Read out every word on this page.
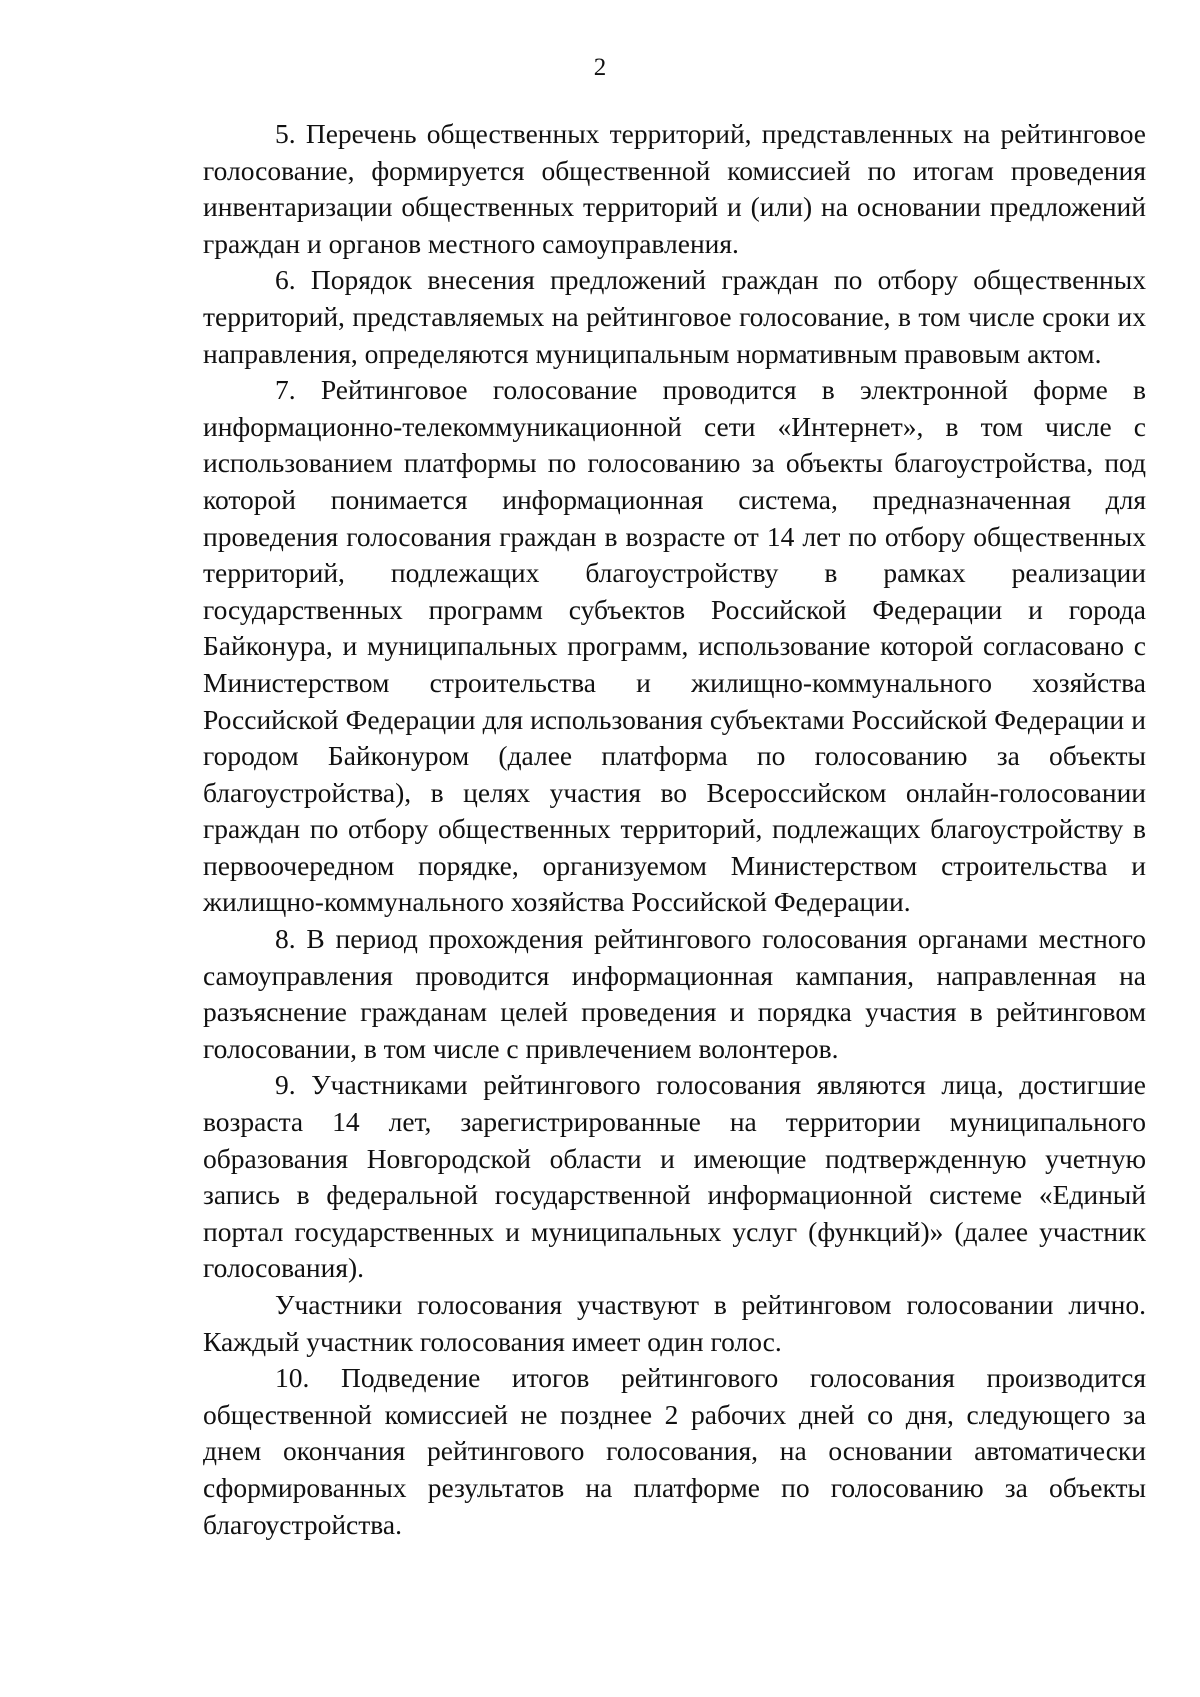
2

5. Перечень общественных территорий, представленных на рейтинговое голосование, формируется общественной комиссией по итогам проведения инвентаризации общественных территорий и (или) на основании предложений граждан и органов местного самоуправления.

6. Порядок внесения предложений граждан по отбору общественных территорий, представляемых на рейтинговое голосование, в том числе сроки их направления, определяются муниципальным нормативным правовым актом.

7. Рейтинговое голосование проводится в электронной форме в информационно-телекоммуникационной сети «Интернет», в том числе с использованием платформы по голосованию за объекты благоустройства, под которой понимается информационная система, предназначенная для проведения голосования граждан в возрасте от 14 лет по отбору общественных территорий, подлежащих благоустройству в рамках реализации государственных программ субъектов Российской Федерации и города Байконура, и муниципальных программ, использование которой согласовано с Министерством строительства и жилищно-коммунального хозяйства Российской Федерации для использования субъектами Российской Федерации и городом Байконуром (далее платформа по голосованию за объекты благоустройства), в целях участия во Всероссийском онлайн-голосовании граждан по отбору общественных территорий, подлежащих благоустройству в первоочередном порядке, организуемом Министерством строительства и жилищно-коммунального хозяйства Российской Федерации.

8. В период прохождения рейтингового голосования органами местного самоуправления проводится информационная кампания, направленная на разъяснение гражданам целей проведения и порядка участия в рейтинговом голосовании, в том числе с привлечением волонтеров.

9. Участниками рейтингового голосования являются лица, достигшие возраста 14 лет, зарегистрированные на территории муниципального образования Новгородской области и имеющие подтвержденную учетную запись в федеральной государственной информационной системе «Единый портал государственных и муниципальных услуг (функций)» (далее участник голосования).

Участники голосования участвуют в рейтинговом голосовании лично. Каждый участник голосования имеет один голос.

10. Подведение итогов рейтингового голосования производится общественной комиссией не позднее 2 рабочих дней со дня, следующего за днем окончания рейтингового голосования, на основании автоматически сформированных результатов на платформе по голосованию за объекты благоустройства.
